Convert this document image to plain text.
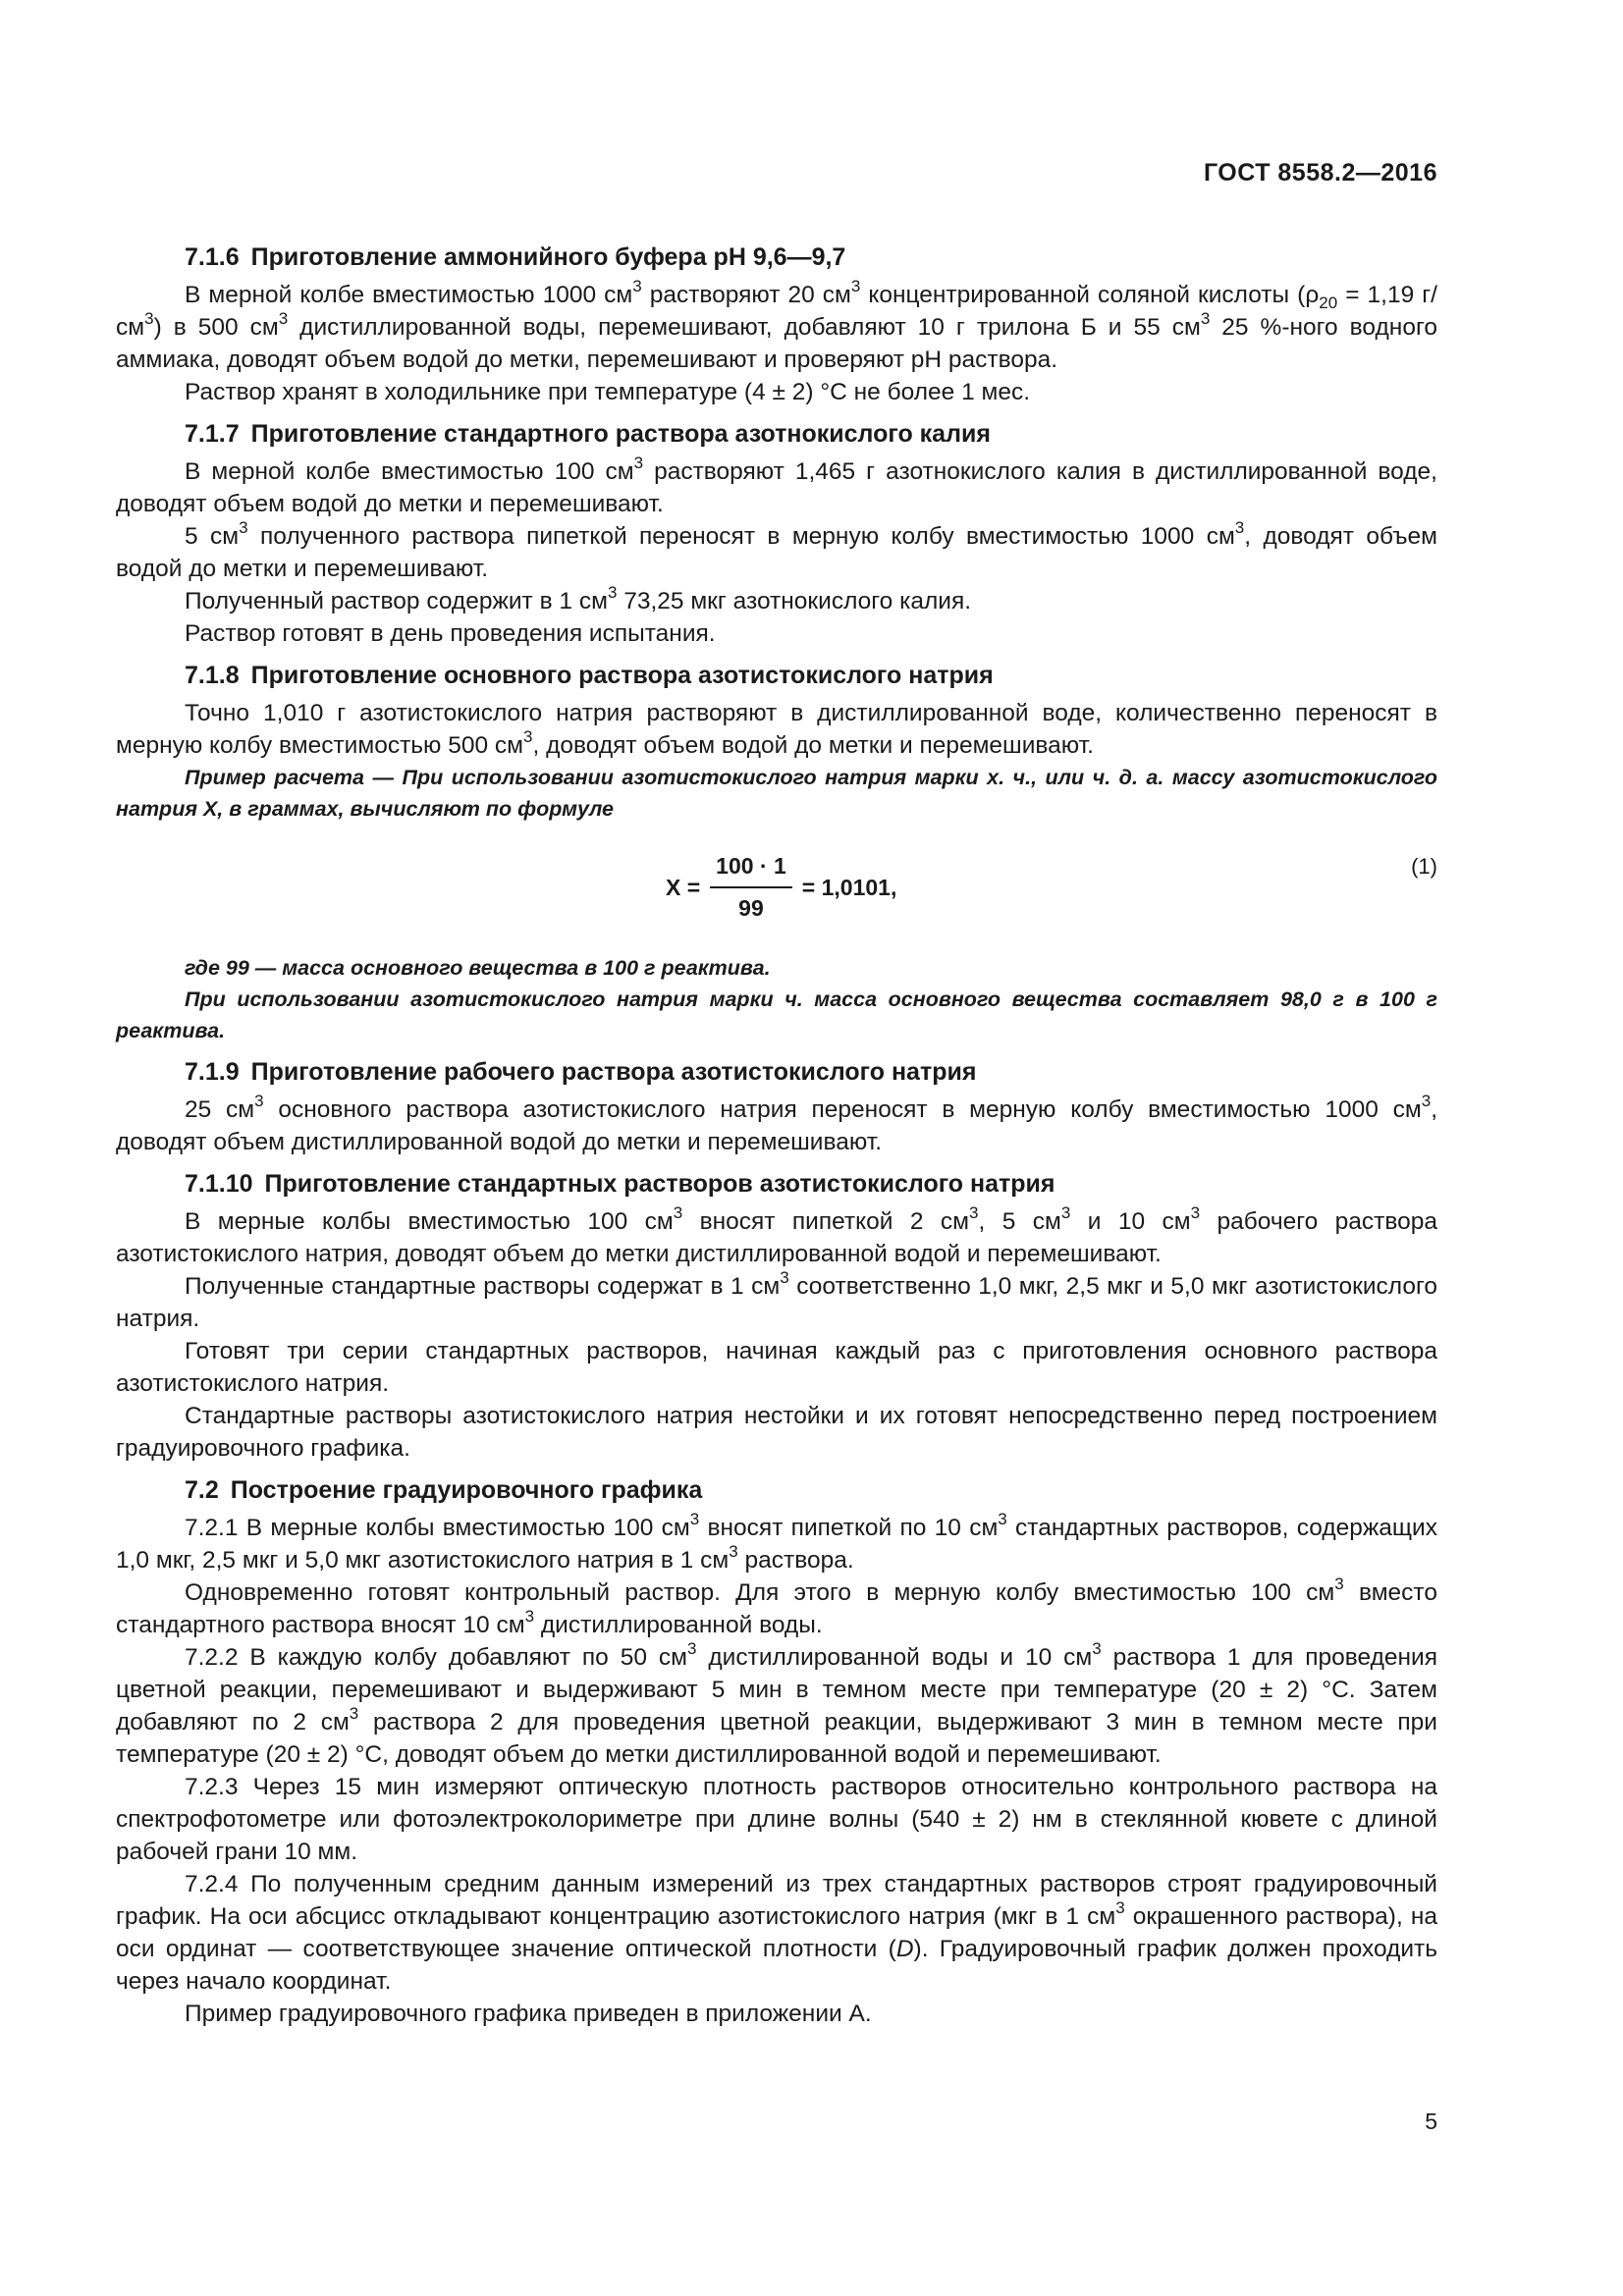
ГОСТ 8558.2—2016
7.1.6 Приготовление аммонийного буфера рН 9,6—9,7

В мерной колбе вместимостью 1000 $см^3$ растворяют 20 $см^3$ концентрированной соляной кислоты ($\rho_{20} = 1,19$ $г/см^3$) в 500 $см^3$ дистиллированной воды, перемешивают, добавляют 10 г трилона Б и 55 $см^3$ 25 %-ного водного аммиака, доводят объем водой до метки, перемешивают и проверяют рН раствора.

Раствор хранят в холодильнике при температуре (4 ± 2) °С не более 1 мес.

7.1.7 Приготовление стандартного раствора азотнокислого калия

В мерной колбе вместимостью 100 $см^3$ растворяют 1,465 г азотнокислого калия в дистиллированной воде, доводят объем водой до метки и перемешивают.

5 $см^3$ полученного раствора пипеткой переносят в мерную колбу вместимостью 1000 $см^3$, доводят объем водой до метки и перемешивают.

Полученный раствор содержит в 1 $см^3$ 73,25 мкг азотнокислого калия.

Раствор готовят в день проведения испытания.

7.1.8 Приготовление основного раствора азотистокислого натрия

Точно 1,010 г азотистокислого натрия растворяют в дистиллированной воде, количественно переносят в мерную колбу вместимостью 500 $см^3$, доводят объем водой до метки и перемешивают.

Пример расчета — При использовании азотистокислого натрия марки х. ч., или ч. д. а. массу азотистокислого натрия X, в граммах, вычисляют по формуле

$X = \frac{100 \cdot 1}{99} = 1,0101$,
(1)

где 99 — масса основного вещества в 100 г реактива.

При использовании азотистокислого натрия марки ч. масса основного вещества составляет 98,0 г в 100 г реактива.

7.1.9 Приготовление рабочего раствора азотистокислого натрия

25 $см^3$ основного раствора азотистокислого натрия переносят в мерную колбу вместимостью 1000 $см^3$, доводят объем дистиллированной водой до метки и перемешивают.

7.1.10 Приготовление стандартных растворов азотистокислого натрия

В мерные колбы вместимостью 100 $см^3$ вносят пипеткой 2 $см^3$, 5 $см^3$ и 10 $см^3$ рабочего раствора азотистокислого натрия, доводят объем до метки дистиллированной водой и перемешивают.

Полученные стандартные растворы содержат в 1 $см^3$ соответственно 1,0 мкг, 2,5 мкг и 5,0 мкг азотистокислого натрия.

Готовят три серии стандартных растворов, начиная каждый раз с приготовления основного раствора азотистокислого натрия.

Стандартные растворы азотистокислого натрия нестойки и их готовят непосредственно перед построением градуировочного графика.

7.2 Построение градуировочного графика

7.2.1 В мерные колбы вместимостью 100 $см^3$ вносят пипеткой по 10 $см^3$ стандартных растворов, содержащих 1,0 мкг, 2,5 мкг и 5,0 мкг азотистокислого натрия в 1 $см^3$ раствора.

Одновременно готовят контрольный раствор. Для этого в мерную колбу вместимостью 100 $см^3$ вместо стандартного раствора вносят 10 $см^3$ дистиллированной воды.

7.2.2 В каждую колбу добавляют по 50 $см^3$ дистиллированной воды и 10 $см^3$ раствора 1 для проведения цветной реакции, перемешивают и выдерживают 5 мин в темном месте при температуре (20 ± 2) °С. Затем добавляют по 2 $см^3$ раствора 2 для проведения цветной реакции, выдерживают 3 мин в темном месте при температуре (20 ± 2) °С, доводят объем до метки дистиллированной водой и перемешивают.

7.2.3 Через 15 мин измеряют оптическую плотность растворов относительно контрольного раствора на спектрофотометре или фотоэлектроколориметре при длине волны (540 ± 2) нм в стеклянной кювете с длиной рабочей грани 10 мм.

7.2.4 По полученным средним данным измерений из трех стандартных растворов строят градуировочный график. На оси абсцисс откладывают концентрацию азотистокислого натрия (мкг в 1 $см^3$ окрашенного раствора), на оси ординат — соответствующее значение оптической плотности (D). Градуировочный график должен проходить через начало координат.

Пример градуировочного графика приведен в приложении А.

5
